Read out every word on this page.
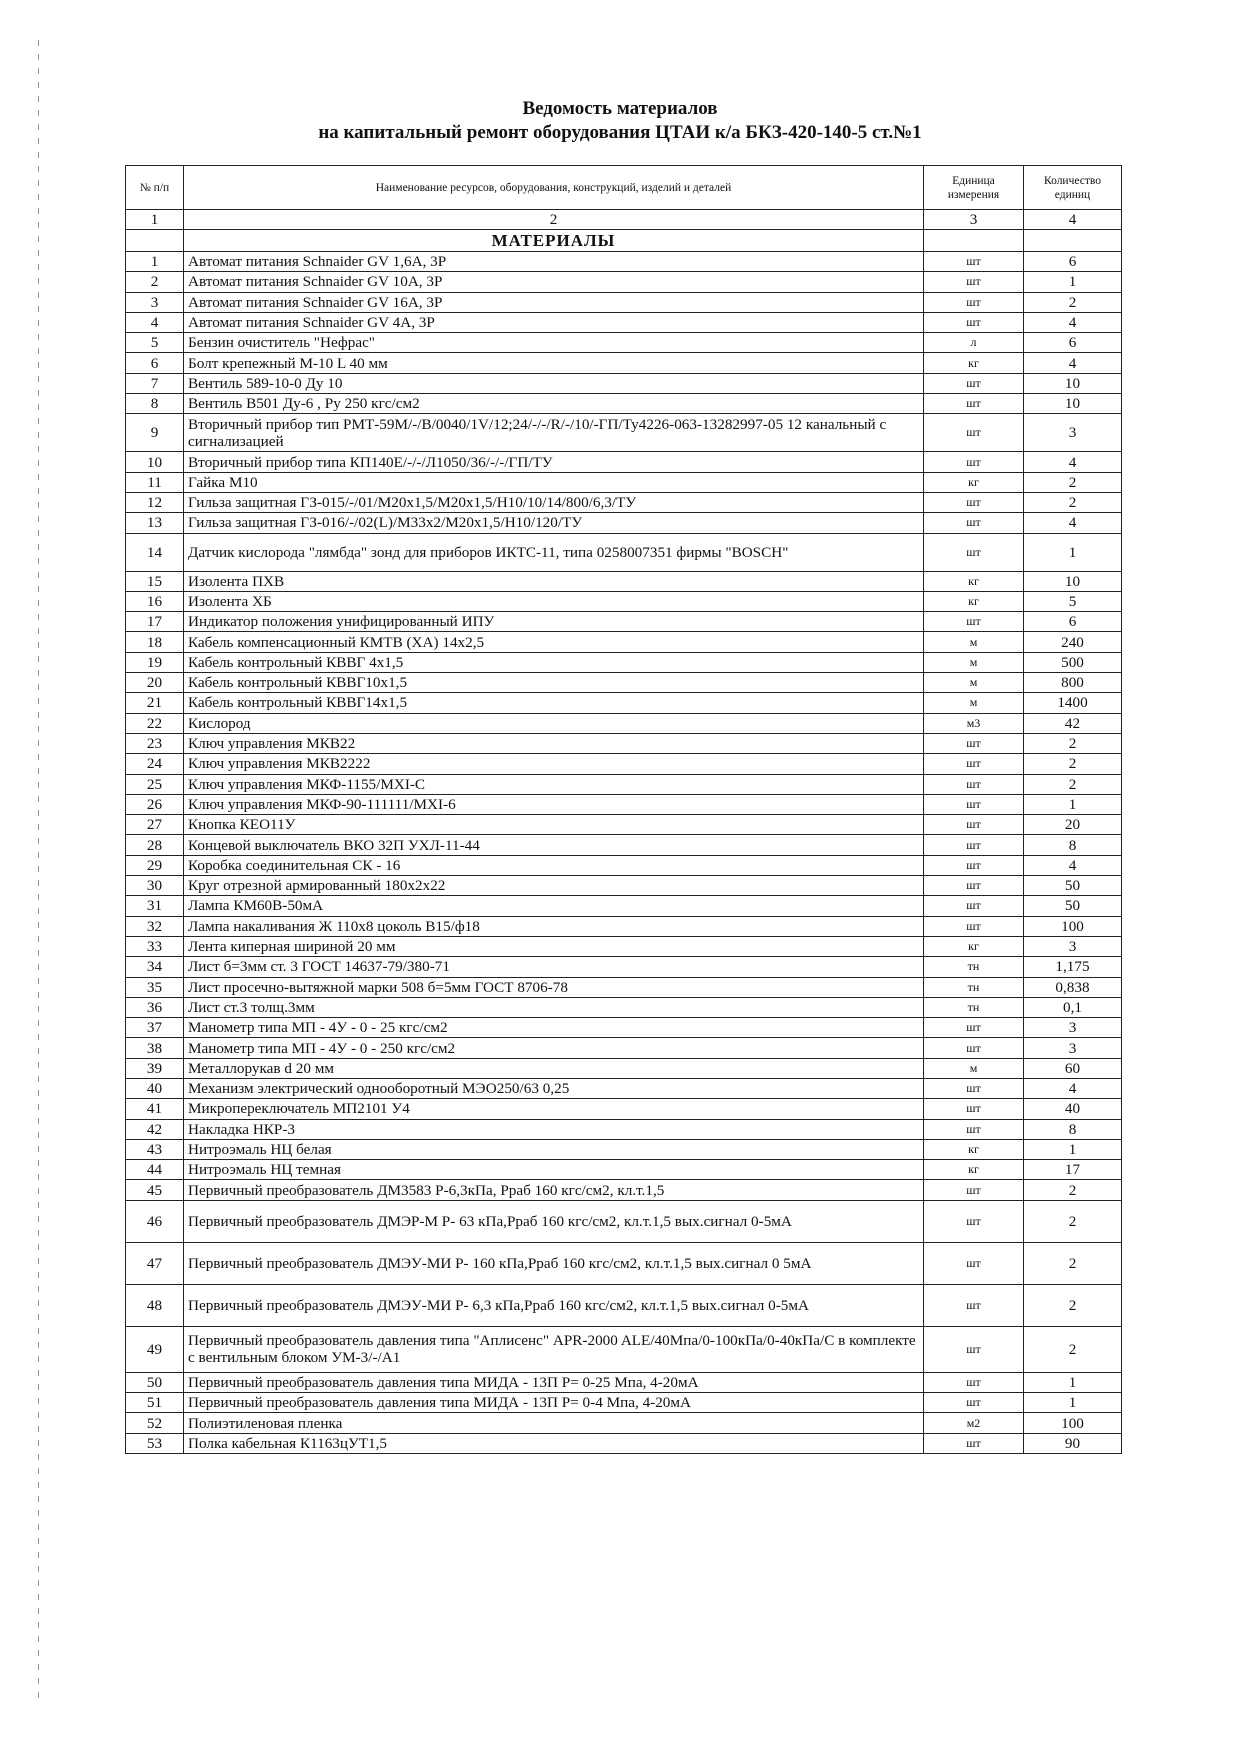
Ведомость материалов
на капитальный ремонт оборудования ЦТАИ к/а БКЗ-420-140-5 ст.№1
№ п/п	Наименование ресурсов, оборудования, конструкций, изделий и деталей	Единица измерения	Количество единиц
1	2	3	4
	МАТЕРИАЛЫ		
1	Автомат питания Schnaider GV 1,6А, 3P	шт	6
2	Автомат питания Schnaider GV 10А, 3P	шт	1
3	Автомат питания Schnaider GV 16А, 3P	шт	2
4	Автомат питания Schnaider GV 4А, 3P	шт	4
5	Бензин очиститель "Нефрас"	л	6
6	Болт крепежный М-10 L 40 мм	кг	4
7	Вентиль 589-10-0 Ду 10	шт	10
8	Вентиль В501 Ду-6 , Ру 250 кгс/см2	шт	10
9	Вторичный прибор тип РМТ-59М/-/В/0040/1V/12;24/-/-/R/-/10/-ГП/Ту4226-063-13282997-05 12 канальный с сигнализацией	шт	3
10	Вторичный прибор типа КП140Е/-/-/Л1050/36/-/-/ГП/ТУ	шт	4
11	Гайка М10	кг	2
12	Гильза защитная ГЗ-015/-/01/М20х1,5/М20х1,5/Н10/10/14/800/6,3/ТУ	шт	2
13	Гильза защитная ГЗ-016/-/02(L)/М33х2/М20х1,5/Н10/120/ТУ	шт	4
14	Датчик кислорода "лямбда" зонд для приборов ИКТС-11, типа 0258007351 фирмы "BOSCH"	шт	1
15	Изолента ПХВ	кг	10
16	Изолента ХБ	кг	5
17	Индикатор положения унифицированный ИПУ	шт	6
18	Кабель компенсационный КМТВ (ХА) 14х2,5	м	240
19	Кабель контрольный КВВГ 4х1,5	м	500
20	Кабель контрольный КВВГ10х1,5	м	800
21	Кабель контрольный КВВГ14х1,5	м	1400
22	Кислород	м3	42
23	Ключ управления МКВ22	шт	2
24	Ключ управления МКВ2222	шт	2
25	Ключ управления МКФ-1155/МХI-С	шт	2
26	Ключ управления МКФ-90-111111/МХI-6	шт	1
27	Кнопка КЕО11У	шт	20
28	Концевой выключатель ВКО 32П УХЛ-11-44	шт	8
29	Коробка соединительная СК - 16	шт	4
30	Круг отрезной армированный 180х2х22	шт	50
31	Лампа КМ60В-50мА	шт	50
32	Лампа накаливания Ж 110х8 цоколь В15/ф18	шт	100
33	Лента киперная шириной 20 мм	кг	3
34	Лист б=3мм ст. 3 ГОСТ 14637-79/380-71	тн	1,175
35	Лист просечно-вытяжной марки 508 б=5мм ГОСТ 8706-78	тн	0,838
36	Лист ст.3 толщ.3мм	тн	0,1
37	Манометр типа МП - 4У - 0 - 25 кгс/см2	шт	3
38	Манометр типа МП - 4У - 0 - 250 кгс/см2	шт	3
39	Металлорукав d 20 мм	м	60
40	Механизм электрический однооборотный МЭО250/63 0,25	шт	4
41	Микропереключатель МП2101 У4	шт	40
42	Накладка НКР-3	шт	8
43	Нитроэмаль НЦ белая	кг	1
44	Нитроэмаль НЦ темная	кг	17
45	Первичный преобразователь ДМ3583 Р-6,3кПа, Рраб 160 кгс/см2, кл.т.1,5	шт	2
46	Первичный преобразователь ДМЭР-М Р- 63 кПа,Рраб 160 кгс/см2, кл.т.1,5 вых.сигнал 0-5мА	шт	2
47	Первичный преобразователь ДМЭУ-МИ Р- 160 кПа,Рраб 160 кгс/см2, кл.т.1,5 вых.сигнал 0 5мА	шт	2
48	Первичный преобразователь ДМЭУ-МИ Р- 6,3 кПа,Рраб 160 кгс/см2, кл.т.1,5 вых.сигнал 0-5мА	шт	2
49	Первичный преобразователь давления типа "Аплисенс" APR-2000 ALE/40Мпа/0-100кПа/0-40кПа/С в комплекте с вентильным блоком УМ-3/-/А1	шт	2
50	Первичный преобразователь давления типа МИДА - 13П Р= 0-25 Мпа, 4-20мА	шт	1
51	Первичный преобразователь давления типа МИДА - 13П Р= 0-4 Мпа, 4-20мА	шт	1
52	Полиэтиленовая пленка	м2	100
53	Полка кабельная К1163цУТ1,5	шт	90
